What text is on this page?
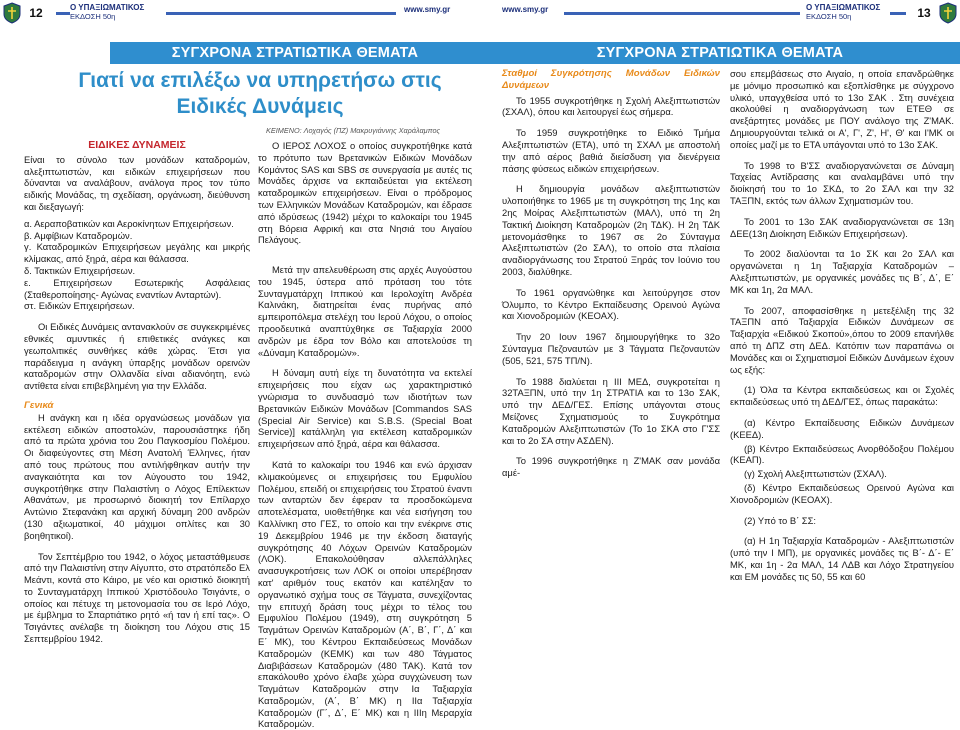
12	Ο ΥΠΑΞΙΩΜΑΤΙΚΟΣ
ΕΚΔΟΣΗ 50η
www.smy.gr
ΣΥΓΧΡΟΝΑ ΣΤΡΑΤΙΩΤΙΚΑ ΘΕΜΑΤΑ
Γιατί να επιλέξω να υπηρετήσω στις
Ειδικές Δυνάμεις
ΚΕΙΜΕΝΟ: Λοχαγός (ΠΖ) Μακρυγιάννης Χαράλαμπος

ΕΙΔΙΚΕΣ ΔΥΝΑΜΕΙΣ

Είναι το σύνολο των μονάδων καταδρομών, αλεξιπτωτιστών, και ειδικών επιχειρήσεων που δύνανται να αναλάβουν, ανάλογα προς τον τύπο ειδικής Μονάδας, τη σχεδίαση, οργάνωση, διεύθυνση και διεξαγωγή:

α. Αεραποβατικών και Αεροκίνητων Επιχειρήσεων.

β. Αμφίβιων Καταδρομών.

γ. Καταδρομικών Επιχειρήσεων μεγάλης και μικρής κλίμακας, από ξηρά, αέρα και θάλασσα.

δ. Τακτικών Επιχειρήσεων.

ε. Επιχειρήσεων Εσωτερικής Ασφάλειας (Σταθεροποίησης- Αγώνας εναντίων Ανταρτών).

στ. Ειδικών Επιχειρήσεων.

Οι Ειδικές Δυνάμεις αντανακλούν σε συγκεκριμένες εθνικές αμυντικές ή επιθετικές ανάγκες και γεωπολιτικές συνθήκες κάθε χώρας. Έτσι για παράδειγμα η ανάγκη ύπαρξης μονάδων ορεινών καταδρομών στην Ολλανδία είναι αδιανόητη, ενώ αντίθετα είναι επιβεβλημένη για την Ελλάδα.

Γενικά

Η ανάγκη και η ιδέα οργανώσεως μονάδων για εκτέλεση ειδικών αποστολών, παρουσιάστηκε ήδη από τα πρώτα χρόνια του 2ου Παγκοσμίου Πολέμου. Οι διαφεύγοντες στη Μέση Ανατολή Έλληνες, ήταν από τους πρώτους που αντιλήφθηκαν αυτήν την αναγκαιότητα και τον Αύγουστο του 1942, συγκροτήθηκε στην Παλαιστίνη ο Λόχος Επίλεκτων Αθανάτων, με προσωρινό διοικητή τον Επίλαρχο Αντώνιο Στεφανάκη και αρχική δύναμη 200 ανδρών (130 αξιωματικοί, 40 μάχιμοι οπλίτες και 30 βοηθητικοί).

Τον Σεπτέμβριο του 1942, ο λόχος μεταστάθμευσε από την Παλαιστίνη στην Αίγυπτο, στο στρατόπεδο Ελ Μεάντι, κοντά στο Κάιρο, με νέο και οριστικό διοικητή το Συνταγματάρχη Ιππικού Χριστόδουλο Τσιγάντε, ο οποίος και πέτυχε τη μετονομασία του σε Ιερό Λόχο, με έμβλημα το Σπαρτιάτικο ρητό «ή ταν ή επί τας». Ο Τσιγάντες ανέλαβε τη διοίκηση του Λόχου στις 15 Σεπτεμβρίου 1942.

Ο ΙΕΡΟΣ ΛΟΧΟΣ ο οποίος συγκροτήθηκε κατά το πρότυπο των Βρετανικών Ειδικών Μονάδων Κομάντος SAS και SBS σε συνεργασία με αυτές τις Μονάδες άρχισε να εκπαιδεύεται για εκτέλεση καταδρομικών επιχειρήσεων. Είναι ο πρόδρομος των Ελληνικών Μονάδων Καταδρομών, και έδρασε από ιδρύσεως (1942) μέχρι το καλοκαίρι του 1945 στη Βόρεια Αφρική και στα Νησιά του Αιγαίου Πελάγους.

Μετά την απελευθέρωση στις αρχές Αυγούστου του 1945, ύστερα από πρόταση του τότε Συνταγματάρχη Ιππικού και Ιερολοχίτη Ανδρέα Καλινάκη, διατηρείται ένας πυρήνας από εμπειροπόλεμα στελέχη του Ιερού Λόχου, ο οποίος προοδευτικά αναπτύχθηκε σε Ταξιαρχία 2000 ανδρών με έδρα τον Βόλο και αποτελούσε τη «Δύναμη Καταδρομών».

Η δύναμη αυτή είχε τη δυνατότητα να εκτελεί επιχειρήσεις που είχαν ως χαρακτηριστικό γνώρισμα το συνδυασμό των ιδιοτήτων των Βρετανικών Ειδικών Μονάδων [Commandos SAS (Special Air Service) και S.B.S. (Special Boat Service)] κατάλληλη για εκτέλεση καταδρομικών επιχειρήσεων από ξηρά, αέρα και θάλασσα.

Κατά το καλοκαίρι του 1946 και ενώ άρχισαν κλιμακούμενες οι επιχειρήσεις του Εμφυλίου Πολέμου, επειδή οι επιχειρήσεις του Στρατού έναντι των ανταρτών δεν έφεραν τα προσδοκώμενα αποτελέσματα, υιοθετήθηκε και νέα εισήγηση του Καλλίνικη στο ΓΕΣ, το οποίο και την ενέκρινε στις 19 Δεκεμβρίου 1946 με την έκδοση διαταγής συγκρότησης 40 Λόχων Ορεινών Καταδρομών (ΛΟΚ). Επακολούθησαν αλλεπάλληλες ανασυγκροτήσεις των ΛΟΚ οι οποίοι υπερέβησαν κατ' αριθμόν τους εκατόν και κατέληξαν το οργανωτικό σχήμα τους σε Τάγματα, συνεχίζοντας την επιτυχή δράση τους μέχρι το τέλος του Εμφυλίου Πολέμου (1949), στη συγκρότηση 5 Ταγμάτων Ορεινών Καταδρομών (Α΄, Β΄, Γ΄, Δ΄ και Ε΄ ΜΚ), του Κέντρου Εκπαιδεύσεως Μονάδων Καταδρομών (ΚΕΜΚ) και των 480 Τάγματος Διαβιβάσεων Καταδρομών (480 ΤΑΚ). Κατά τον επακόλουθο χρόνο έλαβε χώρα συγχώνευση των Ταγμάτων Καταδρομών στην Ια Ταξιαρχία Καταδρομών, (Α΄, Β΄ ΜΚ) η ΙΙα Ταξιαρχία Καταδρομών (Γ΄, Δ΄, Ε΄ ΜΚ) και η ΙΙΙη Μεραρχία Καταδρομών.

www.smy.gr	Ο ΥΠΑΞΙΩΜΑΤΙΚΟΣ
ΕΚΔΟΣΗ 50η	13
ΣΥΓΧΡΟΝΑ ΣΤΡΑΤΙΩΤΙΚΑ ΘΕΜΑΤΑ

Σταθμοί Συγκρότησης Μονάδων Ειδικών Δυνάμεων

Το 1955 συγκροτήθηκε η Σχολή Αλεξιπτωτιστών (ΣΧΑΛ), όπου και λειτουργεί έως σήμερα.

Το 1959 συγκροτήθηκε το Ειδικό Τμήμα Αλεξιπτωτιστών (ΕΤΑ), υπό τη ΣΧΑΛ με αποστολή την από αέρος βαθιά διείσδυση για διενέργεια πάσης φύσεως ειδικών επιχειρήσεων.

Η δημιουργία μονάδων αλεξιπτωτιστών υλοποιήθηκε το 1965 με τη συγκρότηση της 1ης και 2ης Μοίρας Αλεξιπτωτιστών (ΜΑΛ), υπό τη 2η Τακτική Διοίκηση Καταδρομών (2η ΤΔΚ). Η 2η ΤΔΚ μετονομάσθηκε το 1967 σε 2ο Σύνταγμα Αλεξιπτωτιστών (2ο ΣΑΛ), το οποίο στα πλαίσια αναδιοργάνωσης του Στρατού Ξηράς τον Ιούνιο του 2003, διαλύθηκε.

Το 1961 οργανώθηκε και λειτούργησε στον Όλυμπο, το Κέντρο Εκπαίδευσης Ορεινού Αγώνα και Χιονοδρομιών (ΚΕΟΑΧ).

Την 20 Ιουν 1967 δημιουργήθηκε το 32ο Σύνταγμα Πεζοναυτών με 3 Τάγματα Πεζοναυτών (505, 521, 575 ΤΠ/Ν).

Το 1988 διαλύεται η ΙΙΙ ΜΕΔ, συγκροτείται η 32ΤΑΞΠΝ, υπό την 1η ΣΤΡΑΤΙΑ και το 13ο ΣΑΚ, υπό την ΔΕΔ/ΓΕΣ. Επίσης υπάγονται στους Μείζονες Σχηματισμούς το Συγκρότημα Καταδρομών Αλεξιπτωτιστών (Το 1ο ΣΚΑ στο Γ'ΣΣ και το 2ο ΣΑ στην ΑΣΔΕΝ).

Το 1996 συγκροτήθηκε η Ζ'ΜΑΚ σαν μονάδα αμέ-

σου επεμβάσεως στο Αιγαίο, η οποία επανδρώθηκε με μόνιμο προσωπικό και εξοπλίσθηκε με σύγχρονο υλικό, υπαγχθείσα υπό το 13ο ΣΑΚ . Στη συνέχεια ακολούθεί η αναδιοργάνωση των ΕΤΕΘ σε ανεξάρτητες μονάδες με ΠΟΥ ανάλογο της Ζ'ΜΑΚ. Δημιουργούνται τελικά οι Α', Γ', Ζ', Η', Θ' και Ι'ΜΚ οι οποίες μαζί με το ΕΤΑ υπάγονται υπό το 13ο ΣΑΚ.

Το 1998 το Β'ΣΣ αναδιοργανώνεται σε Δύναμη Ταχείας Αντίδρασης και αναλαμβάνει υπό την διοίκησή του το 1ο ΣΚΔ, το 2ο ΣΑΛ και την 32 ΤΑΞΠΝ, εκτός των άλλων Σχηματισμών του.

Το 2001 το 13ο ΣΑΚ αναδιοργανώνεται σε 13η ΔΕΕ(13η Διοίκηση Ειδικών Επιχειρήσεων).

Το 2002 διαλύονται τα 1ο ΣΚ και 2ο ΣΑΛ και οργανώνεται η 1η Ταξιαρχία Καταδρομών – Αλεξιπτωτιστών, με οργανικές μονάδες τις Β΄, Δ΄, Ε΄ ΜΚ και 1η, 2α ΜΑΛ.

Το 2007, αποφασίσθηκε η μετεξέλιξη της 32 ΤΑΞΠΝ από Ταξιαρχία Ειδικών Δυνάμεων σε Ταξιαρχία «Ειδικού Σκοπού»,όπου το 2009 επανήλθε από τη ΔΠΖ στη ΔΕΔ. Κατόπιν των παραπάνω οι Μονάδες και οι Σχηματισμοί Ειδικών Δυνάμεων έχουν ως εξής:

(1) Όλα τα Κέντρα εκπαιδεύσεως και οι Σχολές εκπαιδεύσεως υπό τη ΔΕΔ/ΓΕΣ, όπως παρακάτω:

(α) Κέντρο Εκπαίδευσης Ειδικών Δυνάμεων (ΚΕΕΔ).

(β) Κέντρο Εκπαιδεύσεως Ανορθόδοξου Πολέμου (ΚΕΑΠ).

(γ) Σχολή Αλεξιπτωτιστών (ΣΧΑΛ).

(δ) Κέντρο Εκπαιδεύσεως Ορεινού Αγώνα και Χιονοδρομιών (ΚΕΟΑΧ).

(2) Υπό το Β΄ ΣΣ:

(α) Η 1η Ταξιαρχία Καταδρομών - Αλεξιπτωτιστών (υπό την Ι ΜΠ), με οργανικές μονάδες τις Β΄- Δ΄- Ε΄ ΜΚ, και 1η - 2α ΜΑΛ, 14 ΛΔΒ και Λόχο Στρατηγείου και ΕΜ μονάδες τις 50, 55 και 60
